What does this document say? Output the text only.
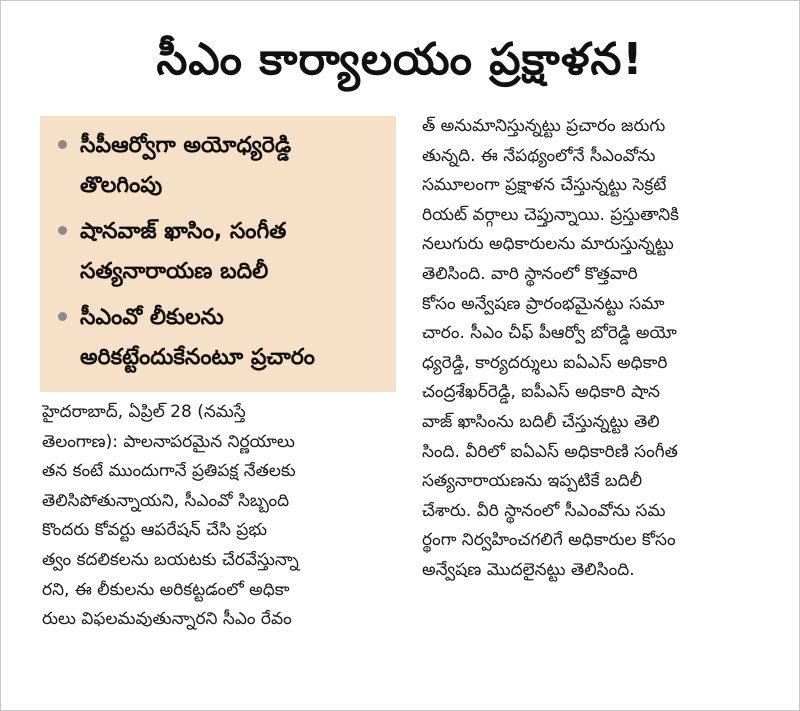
సీఎం కార్యాలయం ప్రక్షాళన!
సీపీఆర్వోగా అయోధ్యరెడ్డి
తొలగింపు
షానవాజ్ ఖాసిం, సంగీత
సత్యనారాయణ బదిలీ
సీఎంవో లీకులను
అరికట్టేందుకేనంటూ ప్రచారం
హైదరాబాద్, ఏప్రిల్ 28 (నమస్తే
తెలంగాణ): పాలనాపరమైన నిర్ణయాలు
తన కంటే ముందుగానే ప్రతిపక్ష నేతలకు
తెలిసిపోతున్నాయని, సీఎంవో సిబ్బంది
కొందరు కోవర్టు ఆపరేషన్ చేసి ప్రభు
త్వం కదలికలను బయటకు చేరవేస్తున్నా
రని, ఈ లీకులను అరికట్టడంలో అధికా
రులు విఫలమవుతున్నారని సీఎం రేవం
త్ అనుమానిస్తున్నట్టు ప్రచారం జరుగు
తున్నది. ఈ నేపథ్యంలోనే సీఎంవోను
సమూలంగా ప్రక్షాళన చేస్తున్నట్టు సెక్రటే
రియట్ వర్గాలు చెప్తున్నాయి. ప్రస్తుతానికి
నలుగురు అధికారులను మారుస్తున్నట్టు
తెలిసింది. వారి స్థానంలో కొత్తవారి
కోసం అన్వేషణ ప్రారంభమైనట్టు సమా
చారం. సీఎం చీఫ్ పీఆర్వో బోరెడ్డి అయో
ధ్యరెడ్డి, కార్యదర్శులు ఐఏఎస్ అధికారి
చంద్రశేఖర్‌రెడ్డి, ఐపీఎస్ అధికారి షాన
వాజ్ ఖాసింను బదిలీ చేస్తున్నట్టు తెలి
సింది. వీరిలో ఐఏఎస్ అధికారిణి సంగీత
సత్యనారాయణను ఇప్పటికే బదిలీ
చేశారు. వీరి స్థానంలో సీఎంవోను సమ
ర్థంగా నిర్వహించగలిగే అధికారుల కోసం
అన్వేషణ మొదలైనట్టు తెలిసింది.
